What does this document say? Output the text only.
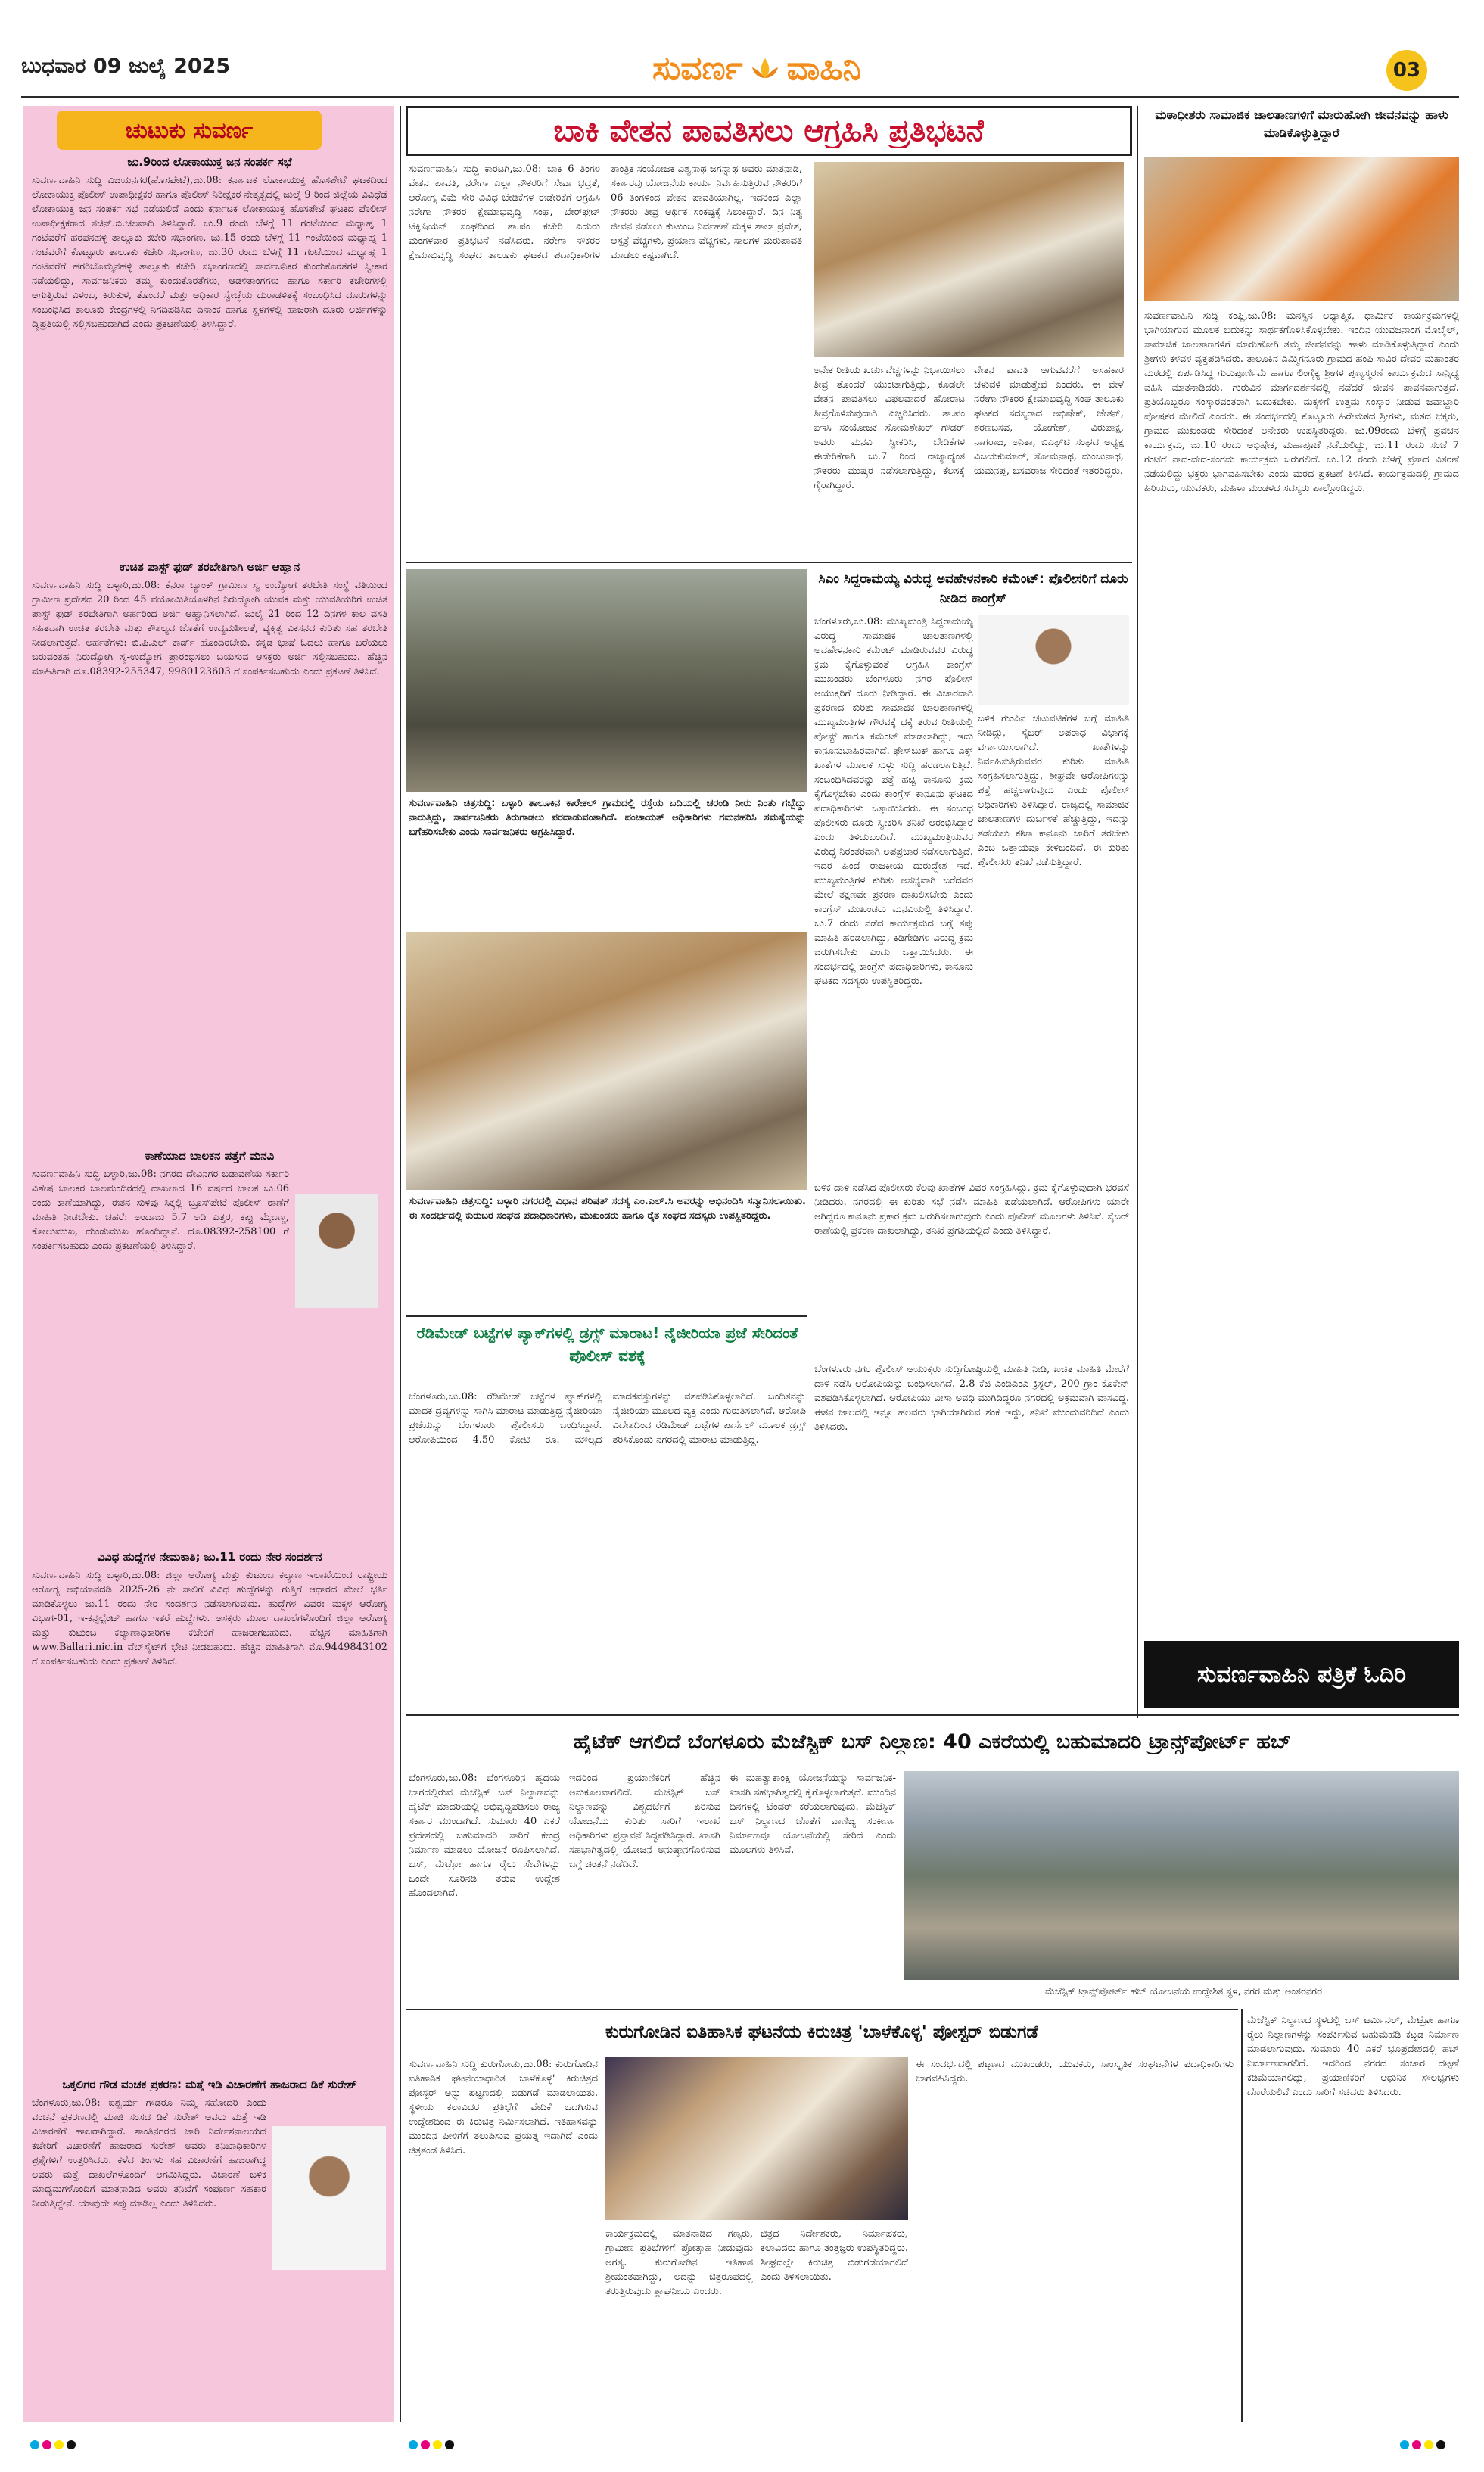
ಬುಧವಾರ 09 ಜುಲೈ 2025	ಸುವರ್ಣ ವಾಹಿನಿ	03
ಚುಟುಕು ಸುವರ್ಣ
ಜು.9ರಿಂದ ಲೋಕಾಯುಕ್ತ ಜನ ಸಂಪರ್ಕ ಸಭೆ
ಸುವರ್ಣವಾಹಿನಿ ಸುದ್ದಿ ವಿಜಯನಗರ(ಹೊಸಪೇಟೆ),ಜು.08: ಕರ್ನಾಟಕ ಲೋಕಾಯುಕ್ತ ಹೊಸಪೇಟೆ ಘಟಕದಿಂದ ಲೋಕಾಯುಕ್ತ ಪೊಲೀಸ್ ಉಪಾಧೀಕ್ಷಕರ ಹಾಗೂ ಪೊಲೀಸ್ ನಿರೀಕ್ಷಕರ ನೇತೃತ್ವದಲ್ಲಿ ಜುಲೈ 9 ರಿಂದ ಜಿಲ್ಲೆಯ ವಿವಿಧೆಡೆ ಲೋಕಾಯುಕ್ತ ಜನ ಸಂಪರ್ಕ ಸಭೆ ನಡೆಯಲಿದೆ ಎಂದು ಕರ್ನಾಟಕ ಲೋಕಾಯುಕ್ತ ಹೊಸಪೇಟೆ ಘಟಕದ ಪೊಲೀಸ್ ಉಪಾಧೀಕ್ಷಕರಾದ ಸಚಿನ್.ಬಿ.ಚಲವಾದಿ ತಿಳಿಸಿದ್ದಾರೆ. ಜು.9 ರಂದು ಬೆಳಗ್ಗೆ 11 ಗಂಟೆಯಿಂದ ಮಧ್ಯಾಹ್ನ 1 ಗಂಟೆವರೆಗೆ ಹರಪನಹಳ್ಳಿ ತಾಲ್ಲೂಕು ಕಚೇರಿ ಸಭಾಂಗಣ, ಜು.15 ರಂದು ಬೆಳಗ್ಗೆ 11 ಗಂಟೆಯಿಂದ ಮಧ್ಯಾಹ್ನ 1 ಗಂಟೆವರೆಗೆ ಕೊಟ್ಟೂರು ತಾಲೂಕು ಕಚೇರಿ ಸಭಾಂಗಣ, ಜು.30 ರಂದು ಬೆಳಗ್ಗೆ 11 ಗಂಟೆಯಿಂದ ಮಧ್ಯಾಹ್ನ 1 ಗಂಟೆವರೆಗೆ ಹಗರಿಬೊಮ್ಮನಹಳ್ಳಿ ತಾಲ್ಲೂಕು ಕಚೇರಿ ಸಭಾಂಗಣದಲ್ಲಿ ಸಾರ್ವಜನಿಕರ ಕುಂದುಕೊರತೆಗಳ ಸ್ವೀಕಾರ ನಡೆಯಲಿದ್ದು, ಸಾರ್ವಜನಿಕರು ತಮ್ಮ ಕುಂದುಕೊರತೆಗಳು, ಆಡಳಿತಾಂಗಗಳು ಹಾಗೂ ಸರ್ಕಾರಿ ಕಚೇರಿಗಳಲ್ಲಿ ಆಗುತ್ತಿರುವ ವಿಳಂಬ, ಕಿರುಕುಳ, ತೊಂದರೆ ಮತ್ತು ಅಧಿಕಾರ ಸ್ವೇಚ್ಛೆಯ ದುರಾಡಳಿತಕ್ಕೆ ಸಂಬಂಧಿಸಿದ ದೂರುಗಳನ್ನು ಸಂಬಂಧಿಸಿದ ತಾಲೂಕು ಕೇಂದ್ರಗಳಲ್ಲಿ ನಿಗದಿಪಡಿಸಿದ ದಿನಾಂಕ ಹಾಗೂ ಸ್ಥಳಗಳಲ್ಲಿ ಹಾಜರಾಗಿ ದೂರು ಅರ್ಜಿಗಳನ್ನು ದ್ವಿಪ್ರತಿಯಲ್ಲಿ ಸಲ್ಲಿಸಬಹುದಾಗಿದೆ ಎಂದು ಪ್ರಕಟಣೆಯಲ್ಲಿ ತಿಳಿಸಿದ್ದಾರೆ.
ಉಚಿತ ಪಾಸ್ಟ್ ಫುಡ್ ತರಬೇತಿಗಾಗಿ ಅರ್ಜಿ ಆಹ್ವಾನ
ಸುವರ್ಣವಾಹಿನಿ ಸುದ್ದಿ ಬಳ್ಳಾರಿ,ಜು.08: ಕೆನರಾ ಬ್ಯಾಂಕ್ ಗ್ರಾಮೀಣ ಸ್ವ ಉದ್ಯೋಗ ತರಬೇತಿ ಸಂಸ್ಥೆ ವತಿಯಿಂದ ಗ್ರಾಮೀಣ ಪ್ರದೇಶದ 20 ರಿಂದ 45 ವಯೋಮಿತಿಯೊಳಗಿನ ನಿರುದ್ಯೋಗಿ ಯುವಕ ಮತ್ತು ಯುವತಿಯರಿಗೆ ಉಚಿತ ಪಾಸ್ಟ್ ಫುಡ್ ತರಬೇತಿಗಾಗಿ ಅರ್ಹರಿಂದ ಅರ್ಜಿ ಆಹ್ವಾನಿಸಲಾಗಿದೆ. ಜುಲೈ 21 ರಿಂದ 12 ದಿನಗಳ ಕಾಲ ವಸತಿ ಸಹಿತವಾಗಿ ಉಚಿತ ತರಬೇತಿ ಮತ್ತು ಕೌಶಲ್ಯದ ಜೊತೆಗೆ ಉದ್ಯಮಶೀಲತೆ, ವ್ಯಕ್ತಿತ್ವ ವಿಕಸನದ ಕುರಿತು ಸಹ ತರಬೇತಿ ನೀಡಲಾಗುತ್ತದೆ. ಅರ್ಹತೆಗಳು: ಬಿ.ಪಿ.ಎಲ್ ಕಾರ್ಡ್ ಹೊಂದಿರಬೇಕು. ಕನ್ನಡ ಭಾಷೆ ಓದಲು ಹಾಗೂ ಬರೆಯಲು ಬರುವಂತಹ ನಿರುದ್ಯೋಗಿ ಸ್ವ-ಉದ್ಯೋಗ ಪ್ರಾರಂಭಿಸಲು ಬಯಸುವ ಆಸಕ್ತರು ಅರ್ಜಿ ಸಲ್ಲಿಸಬಹುದು. ಹೆಚ್ಚಿನ ಮಾಹಿತಿಗಾಗಿ ದೂ.08392-255347, 9980123603 ಗೆ ಸಂಪರ್ಕಿಸಬಹುದು ಎಂದು ಪ್ರಕಟಣೆ ತಿಳಿಸಿದೆ.
ಕಾಣೆಯಾದ ಬಾಲಕನ ಪತ್ತೆಗೆ ಮನವಿ
ಸುವರ್ಣವಾಹಿನಿ ಸುದ್ದಿ ಬಳ್ಳಾರಿ,ಜು.08: ನಗರದ ದೇವಿನಗರ ಬಡಾವಣೆಯ ಸರ್ಕಾರಿ ವಿಶೇಷ ಬಾಲಕರ ಬಾಲಮಂದಿರದಲ್ಲಿ ದಾಖಲಾದ 16 ವರ್ಷದ ಬಾಲಕ ಜು.06 ರಂದು ಕಾಣೆಯಾಗಿದ್ದು, ಈತನ ಸುಳಿವು ಸಿಕ್ಕಲ್ಲಿ ಬ್ರೂಸ್‌ಪೇಟೆ ಪೊಲೀಸ್ ಠಾಣೆಗೆ ಮಾಹಿತಿ ನೀಡಬೇಕು. ಚಹರೆ: ಅಂದಾಜು 5.7 ಅಡಿ ಎತ್ತರ, ಕಪ್ಪು ಮೈಬಣ್ಣ, ಕೋಲುಮುಖ, ದುಂಡುಮುಖ ಹೊಂದಿದ್ದಾನೆ. ದೂ.08392-258100 ಗೆ ಸಂಪರ್ಕಿಸಬಹುದು ಎಂದು ಪ್ರಕಟಣೆಯಲ್ಲಿ ತಿಳಿಸಿದ್ದಾರೆ.
ವಿವಿಧ ಹುದ್ದೆಗಳ ನೇಮಕಾತಿ; ಜು.11 ರಂದು ನೇರ ಸಂದರ್ಶನ
ಸುವರ್ಣವಾಹಿನಿ ಸುದ್ದಿ ಬಳ್ಳಾರಿ,ಜು.08: ಜಿಲ್ಲಾ ಆರೋಗ್ಯ ಮತ್ತು ಕುಟುಂಬ ಕಲ್ಯಾಣ ಇಲಾಖೆಯಿಂದ ರಾಷ್ಟ್ರೀಯ ಆರೋಗ್ಯ ಅಭಿಯಾನದಡಿ 2025-26 ನೇ ಸಾಲಿಗೆ ವಿವಿಧ ಹುದ್ದೆಗಳನ್ನು ಗುತ್ತಿಗೆ ಆಧಾರದ ಮೇಲೆ ಭರ್ತಿ ಮಾಡಿಕೊಳ್ಳಲು ಜು.11 ರಂದು ನೇರ ಸಂದರ್ಶನ ನಡೆಸಲಾಗುವುದು. ಹುದ್ದೆಗಳ ವಿವರ: ಮಕ್ಕಳ ಆರೋಗ್ಯ ವಿಭಾಗ-01, ಇ-ಕನ್ಸಲ್ಟೆಂಟ್ ಹಾಗೂ ಇತರೆ ಹುದ್ದೆಗಳು. ಆಸಕ್ತರು ಮೂಲ ದಾಖಲೆಗಳೊಂದಿಗೆ ಜಿಲ್ಲಾ ಆರೋಗ್ಯ ಮತ್ತು ಕುಟುಂಬ ಕಲ್ಯಾಣಾಧಿಕಾರಿಗಳ ಕಚೇರಿಗೆ ಹಾಜರಾಗಬಹುದು. ಹೆಚ್ಚಿನ ಮಾಹಿತಿಗಾಗಿ www.Ballari.nic.in ವೆಬ್‌ಸೈಟ್‌ಗೆ ಭೇಟಿ ನೀಡಬಹುದು. ಹೆಚ್ಚಿನ ಮಾಹಿತಿಗಾಗಿ ಮೊ.9449843102 ಗೆ ಸಂಪರ್ಕಿಸಬಹುದು ಎಂದು ಪ್ರಕಟಣೆ ತಿಳಿಸಿದೆ.
ಒಕ್ಕಲಿಗರ ಗೌಡ ವಂಚಕ ಪ್ರಕರಣ: ಮತ್ತೆ ಇಡಿ ವಿಚಾರಣೆಗೆ ಹಾಜರಾದ ಡಿಕೆ ಸುರೇಶ್
ಬೆಂಗಳೂರು,ಜು.08: ಐಶ್ವರ್ಯ ಗೌಡರೂ ನಿಮ್ಮ ಸಹೋದರಿ ಎಂದು ವಂಚನೆ ಪ್ರಕರಣದಲ್ಲಿ ಮಾಜಿ ಸಂಸದ ಡಿಕೆ ಸುರೇಶ್ ಅವರು ಮತ್ತೆ ಇಡಿ ವಿಚಾರಣೆಗೆ ಹಾಜರಾಗಿದ್ದಾರೆ. ಶಾಂತಿನಗರದ ಜಾರಿ ನಿರ್ದೇಶನಾಲಯದ ಕಚೇರಿಗೆ ವಿಚಾರಣೆಗೆ ಹಾಜರಾದ ಸುರೇಶ್ ಅವರು ತನಿಖಾಧಿಕಾರಿಗಳ ಪ್ರಶ್ನೆಗಳಿಗೆ ಉತ್ತರಿಸಿದರು. ಕಳೆದ ತಿಂಗಳು ಸಹ ವಿಚಾರಣೆಗೆ ಹಾಜರಾಗಿದ್ದ ಅವರು ಮತ್ತೆ ದಾಖಲೆಗಳೊಂದಿಗೆ ಆಗಮಿಸಿದ್ದರು. ವಿಚಾರಣೆ ಬಳಿಕ ಮಾಧ್ಯಮಗಳೊಂದಿಗೆ ಮಾತನಾಡಿದ ಅವರು ತನಿಖೆಗೆ ಸಂಪೂರ್ಣ ಸಹಕಾರ ನೀಡುತ್ತಿದ್ದೇನೆ. ಯಾವುದೇ ತಪ್ಪು ಮಾಡಿಲ್ಲ ಎಂದು ತಿಳಿಸಿದರು.
ಬಾಕಿ ವೇತನ ಪಾವತಿಸಲು ಆಗ್ರಹಿಸಿ ಪ್ರತಿಭಟನೆ
ಸುವರ್ಣವಾಹಿನಿ ಸುದ್ದಿ ಕಾರಟಗಿ,ಜು.08: ಬಾಕಿ 6 ತಿಂಗಳ ವೇತನ ಪಾವತಿ, ನರೇಗಾ ಎಲ್ಲಾ ನೌಕರರಿಗೆ ಸೇವಾ ಭದ್ರತೆ, ಆರೋಗ್ಯ ವಿಮೆ ಸೇರಿ ವಿವಿಧ ಬೇಡಿಕೆಗಳ ಈಡೇರಿಕೆಗೆ ಆಗ್ರಹಿಸಿ ನರೇಗಾ ನೌಕರರ ಕ್ಷೇಮಾಭಿವೃದ್ಧಿ ಸಂಘ, ಬೇರ್‌ಫುಟ್ ಟೆಕ್ನಿಷಿಯನ್ ಸಂಘದಿಂದ ತಾ.ಪಂ ಕಚೇರಿ ಎದುರು ಮಂಗಳವಾರ ಪ್ರತಿಭಟನೆ ನಡೆಸಿದರು. ನರೇಗಾ ನೌಕರರ ಕ್ಷೇಮಾಭಿವೃದ್ಧಿ ಸಂಘದ ತಾಲೂಕು ಘಟಕದ ಪದಾಧಿಕಾರಿಗಳ ತಾಂತ್ರಿಕ ಸಂಯೋಜಕ ವಿಶ್ವನಾಥ ಜಗನ್ನಾಥ ಅವರು ಮಾತನಾಡಿ, ಸರ್ಕಾರವು ಯೋಜನೆಯ ಕಾರ್ಯ ನಿರ್ವಹಿಸುತ್ತಿರುವ ನೌಕರರಿಗೆ 06 ತಿಂಗಳಿಂದ ವೇತನ ಪಾವತಿಯಾಗಿಲ್ಲ. ಇದರಿಂದ ಎಲ್ಲಾ ನೌಕರರು ತೀವ್ರ ಆರ್ಥಿಕ ಸಂಕಷ್ಟಕ್ಕೆ ಸಿಲುಕಿದ್ದಾರೆ. ದಿನ ನಿತ್ಯ ಜೀವನ ನಡೆಸಲು ಕುಟುಂಬ ನಿರ್ವಹಣೆ ಮಕ್ಕಳ ಶಾಲಾ ಪ್ರವೇಶ, ಆಸ್ಪತ್ರೆ ವೆಚ್ಚಗಳು, ಪ್ರಯಾಣ ವೆಚ್ಚಗಳು, ಸಾಲಗಳ ಮರುಪಾವತಿ ಮಾಡಲು ಕಷ್ಟವಾಗಿದೆ.
ಅನೇಕ ರೀತಿಯ ಖರ್ಚುವೆಚ್ಚಗಳನ್ನು ನಿಭಾಯಿಸಲು ತೀವ್ರ ತೊಂದರೆ ಯುಂಟಾಗುತ್ತಿದ್ದು, ಕೂಡಲೇ ವೇತನ ಪಾವತಿಸಲು ವಿಫಲವಾದರೆ ಹೋರಾಟ ತೀವ್ರಗೊಳಿಸುವುದಾಗಿ ಎಚ್ಚರಿಸಿದರು. ತಾ.ಪಂ ಐಇಸಿ ಸಂಯೋಜಕ ಸೋಮಶೇಖರ್ ಗೌಡರ್ ಅವರು ಮನವಿ ಸ್ವೀಕರಿಸಿ, ಬೇಡಿಕೆಗಳ ಈಡೇರಿಕೆಗಾಗಿ ಜು.7 ರಿಂದ ರಾಜ್ಯಾದ್ಯಂತ ನೌಕರರು ಮುಷ್ಕರ ನಡೆಸಲಾಗುತ್ತಿದ್ದು, ಕೆಲಸಕ್ಕೆ ಗೈರಾಗಿದ್ದಾರೆ.
ವೇತನ ಪಾವತಿ ಆಗುವವರೆಗೆ ಅಸಹಕಾರ ಚಳುವಳಿ ಮಾಡುತ್ತೇವೆ ಎಂದರು. ಈ ವೇಳೆ ನರೇಗಾ ನೌಕರರ ಕ್ಷೇಮಾಭಿವೃದ್ಧಿ ಸಂಘ ತಾಲೂಕು ಘಟಕದ ಸದಸ್ಯರಾದ ಅಭಿಷೇಕ್, ಚೇತನ್, ಶರಣಬಸವ, ಯೋಗೇಶ್, ವಿರುಪಾಕ್ಷ, ನಾಗರಾಜ, ಅನಿತಾ, ಬಿಎಫ್‌ಟಿ ಸಂಘದ ಅಧ್ಯಕ್ಷ ವಿಜಯಕುಮಾರ್, ಸೋಮನಾಥ, ಮಂಜುನಾಥ, ಯಮನಪ್ಪ, ಬಸವರಾಜ ಸೇರಿದಂತೆ ಇತರರಿದ್ದರು.
ಸುವರ್ಣವಾಹಿನಿ ಚಿತ್ರಸುದ್ದಿ: ಬಳ್ಳಾರಿ ತಾಲೂಕಿನ ಕಾರೇಕಲ್ ಗ್ರಾಮದಲ್ಲಿ ರಸ್ತೆಯ ಬದಿಯಲ್ಲಿ ಚರಂಡಿ ನೀರು ನಿಂತು ಗಬ್ಬೆದ್ದು ನಾರುತ್ತಿದ್ದು, ಸಾರ್ವಜನಿಕರು ತಿರುಗಾಡಲು ಪರದಾಡುವಂತಾಗಿದೆ. ಪಂಚಾಯತ್ ಅಧಿಕಾರಿಗಳು ಗಮನಹರಿಸಿ ಸಮಸ್ಯೆಯನ್ನು ಬಗೆಹರಿಸಬೇಕು ಎಂದು ಸಾರ್ವಜನಿಕರು ಆಗ್ರಹಿಸಿದ್ದಾರೆ.
ಸುವರ್ಣವಾಹಿನಿ ಚಿತ್ರಸುದ್ದಿ: ಬಳ್ಳಾರಿ ನಗರದಲ್ಲಿ ವಿಧಾನ ಪರಿಷತ್ ಸದಸ್ಯ ಎಂ.ಎಲ್.ಸಿ ಅವರನ್ನು ಅಭಿನಂದಿಸಿ ಸನ್ಮಾನಿಸಲಾಯಿತು. ಈ ಸಂದರ್ಭದಲ್ಲಿ ಕುರುಬರ ಸಂಘದ ಪದಾಧಿಕಾರಿಗಳು, ಮುಖಂಡರು ಹಾಗೂ ರೈತ ಸಂಘದ ಸದಸ್ಯರು ಉಪಸ್ಥಿತರಿದ್ದರು.
ಸಿಎಂ ಸಿದ್ದರಾಮಯ್ಯ ವಿರುದ್ಧ ಅವಹೇಳನಕಾರಿ ಕಮೆಂಟ್: ಪೊಲೀಸರಿಗೆ ದೂರು ನೀಡಿದ ಕಾಂಗ್ರೆಸ್
ಬೆಂಗಳೂರು,ಜು.08: ಮುಖ್ಯಮಂತ್ರಿ ಸಿದ್ದರಾಮಯ್ಯ ವಿರುದ್ಧ ಸಾಮಾಜಿಕ ಜಾಲತಾಣಗಳಲ್ಲಿ ಅವಹೇಳನಕಾರಿ ಕಮೆಂಟ್ ಮಾಡಿರುವವರ ವಿರುದ್ಧ ಕ್ರಮ ಕೈಗೊಳ್ಳುವಂತೆ ಆಗ್ರಹಿಸಿ ಕಾಂಗ್ರೆಸ್ ಮುಖಂಡರು ಬೆಂಗಳೂರು ನಗರ ಪೊಲೀಸ್ ಆಯುಕ್ತರಿಗೆ ದೂರು ನೀಡಿದ್ದಾರೆ. ಈ ವಿಚಾರವಾಗಿ ಪ್ರಕರಣದ ಕುರಿತು ಸಾಮಾಜಿಕ ಜಾಲತಾಣಗಳಲ್ಲಿ ಮುಖ್ಯಮಂತ್ರಿಗಳ ಗೌರವಕ್ಕೆ ಧಕ್ಕೆ ತರುವ ರೀತಿಯಲ್ಲಿ ಪೋಸ್ಟ್ ಹಾಗೂ ಕಮೆಂಟ್ ಮಾಡಲಾಗಿದ್ದು, ಇದು ಕಾನೂನುಬಾಹಿರವಾಗಿದೆ. ಫೇಸ್‌ಬುಕ್ ಹಾಗೂ ಎಕ್ಸ್ ಖಾತೆಗಳ ಮೂಲಕ ಸುಳ್ಳು ಸುದ್ದಿ ಹರಡಲಾಗುತ್ತಿದೆ. ಸಂಬಂಧಿಸಿದವರನ್ನು ಪತ್ತೆ ಹಚ್ಚಿ ಕಾನೂನು ಕ್ರಮ ಕೈಗೊಳ್ಳಬೇಕು ಎಂದು ಕಾಂಗ್ರೆಸ್ ಕಾನೂನು ಘಟಕದ ಪದಾಧಿಕಾರಿಗಳು ಒತ್ತಾಯಿಸಿದರು. ಈ ಸಂಬಂಧ ಪೊಲೀಸರು ದೂರು ಸ್ವೀಕರಿಸಿ ತನಿಖೆ ಆರಂಭಿಸಿದ್ದಾರೆ ಎಂದು ತಿಳಿದುಬಂದಿದೆ. ಮುಖ್ಯಮಂತ್ರಿಯವರ ವಿರುದ್ಧ ನಿರಂತರವಾಗಿ ಅಪಪ್ರಚಾರ ನಡೆಸಲಾಗುತ್ತಿದೆ. ಇದರ ಹಿಂದೆ ರಾಜಕೀಯ ದುರುದ್ದೇಶ ಇದೆ. ಮುಖ್ಯಮಂತ್ರಿಗಳ ಕುರಿತು ಅಸಭ್ಯವಾಗಿ ಬರೆದವರ ಮೇಲೆ ತಕ್ಷಣವೇ ಪ್ರಕರಣ ದಾಖಲಿಸಬೇಕು ಎಂದು ಕಾಂಗ್ರೆಸ್ ಮುಖಂಡರು ಮನವಿಯಲ್ಲಿ ತಿಳಿಸಿದ್ದಾರೆ. ಜು.7 ರಂದು ನಡೆದ ಕಾರ್ಯಕ್ರಮದ ಬಗ್ಗೆ ತಪ್ಪು ಮಾಹಿತಿ ಹರಡಲಾಗಿದ್ದು, ಕಿಡಿಗೇಡಿಗಳ ವಿರುದ್ಧ ಕ್ರಮ ಜರುಗಿಸಬೇಕು ಎಂದು ಒತ್ತಾಯಿಸಿದರು. ಈ ಸಂದರ್ಭದಲ್ಲಿ ಕಾಂಗ್ರೆಸ್ ಪದಾಧಿಕಾರಿಗಳು, ಕಾನೂನು ಘಟಕದ ಸದಸ್ಯರು ಉಪಸ್ಥಿತರಿದ್ದರು.
ಬಳಿಕ ಗುಂಪಿನ ಚಟುವಟಿಕೆಗಳ ಬಗ್ಗೆ ಮಾಹಿತಿ ನೀಡಿದ್ದು, ಸೈಬರ್ ಅಪರಾಧ ವಿಭಾಗಕ್ಕೆ ವರ್ಗಾಯಿಸಲಾಗಿದೆ. ಖಾತೆಗಳನ್ನು ನಿರ್ವಹಿಸುತ್ತಿರುವವರ ಕುರಿತು ಮಾಹಿತಿ ಸಂಗ್ರಹಿಸಲಾಗುತ್ತಿದ್ದು, ಶೀಘ್ರವೇ ಆರೋಪಿಗಳನ್ನು ಪತ್ತೆ ಹಚ್ಚಲಾಗುವುದು ಎಂದು ಪೊಲೀಸ್ ಅಧಿಕಾರಿಗಳು ತಿಳಿಸಿದ್ದಾರೆ. ರಾಜ್ಯದಲ್ಲಿ ಸಾಮಾಜಿಕ ಜಾಲತಾಣಗಳ ದುರ್ಬಳಕೆ ಹೆಚ್ಚುತ್ತಿದ್ದು, ಇದನ್ನು ತಡೆಯಲು ಕಠಿಣ ಕಾನೂನು ಜಾರಿಗೆ ತರಬೇಕು ಎಂಬ ಒತ್ತಾಯವೂ ಕೇಳಿಬಂದಿದೆ. ಈ ಕುರಿತು ಪೊಲೀಸರು ತನಿಖೆ ನಡೆಸುತ್ತಿದ್ದಾರೆ.
ಬಳಿಕ ದಾಳಿ ನಡೆಸಿದ ಪೊಲೀಸರು ಕೆಲವು ಖಾತೆಗಳ ವಿವರ ಸಂಗ್ರಹಿಸಿದ್ದು, ಕ್ರಮ ಕೈಗೊಳ್ಳುವುದಾಗಿ ಭರವಸೆ ನೀಡಿದರು. ನಗರದಲ್ಲಿ ಈ ಕುರಿತು ಸಭೆ ನಡೆಸಿ ಮಾಹಿತಿ ಪಡೆಯಲಾಗಿದೆ. ಆರೋಪಿಗಳು ಯಾರೇ ಆಗಿದ್ದರೂ ಕಾನೂನು ಪ್ರಕಾರ ಕ್ರಮ ಜರುಗಿಸಲಾಗುವುದು ಎಂದು ಪೊಲೀಸ್ ಮೂಲಗಳು ತಿಳಿಸಿವೆ. ಸೈಬರ್ ಠಾಣೆಯಲ್ಲಿ ಪ್ರಕರಣ ದಾಖಲಾಗಿದ್ದು, ತನಿಖೆ ಪ್ರಗತಿಯಲ್ಲಿದೆ ಎಂದು ತಿಳಿಸಿದ್ದಾರೆ.
ರೆಡಿಮೇಡ್ ಬಟ್ಟೆಗಳ ಪ್ಯಾಕ್‌ಗಳಲ್ಲಿ ಡ್ರಗ್ಸ್ ಮಾರಾಟ! ನೈಜೀರಿಯಾ ಪ್ರಜೆ ಸೇರಿದಂತೆ ಪೊಲೀಸ್ ವಶಕ್ಕೆ
ಬೆಂಗಳೂರು,ಜು.08: ರೆಡಿಮೇಡ್ ಬಟ್ಟೆಗಳ ಪ್ಯಾಕ್‌ಗಳಲ್ಲಿ ಮಾದಕ ದ್ರವ್ಯಗಳನ್ನು ಸಾಗಿಸಿ ಮಾರಾಟ ಮಾಡುತ್ತಿದ್ದ ನೈಜೀರಿಯಾ ಪ್ರಜೆಯನ್ನು ಬೆಂಗಳೂರು ಪೊಲೀಸರು ಬಂಧಿಸಿದ್ದಾರೆ. ಆರೋಪಿಯಿಂದ 4.50 ಕೋಟಿ ರೂ. ಮೌಲ್ಯದ ಮಾದಕವಸ್ತುಗಳನ್ನು ವಶಪಡಿಸಿಕೊಳ್ಳಲಾಗಿದೆ. ಬಂಧಿತನನ್ನು ನೈಜೀರಿಯಾ ಮೂಲದ ವ್ಯಕ್ತಿ ಎಂದು ಗುರುತಿಸಲಾಗಿದೆ. ಆರೋಪಿ ವಿದೇಶದಿಂದ ರೆಡಿಮೇಡ್ ಬಟ್ಟೆಗಳ ಪಾರ್ಸೆಲ್ ಮೂಲಕ ಡ್ರಗ್ಸ್ ತರಿಸಿಕೊಂಡು ನಗರದಲ್ಲಿ ಮಾರಾಟ ಮಾಡುತ್ತಿದ್ದ.
ಬೆಂಗಳೂರು ನಗರ ಪೊಲೀಸ್ ಆಯುಕ್ತರು ಸುದ್ದಿಗೋಷ್ಠಿಯಲ್ಲಿ ಮಾಹಿತಿ ನೀಡಿ, ಖಚಿತ ಮಾಹಿತಿ ಮೇರೆಗೆ ದಾಳಿ ನಡೆಸಿ ಆರೋಪಿಯನ್ನು ಬಂಧಿಸಲಾಗಿದೆ. 2.8 ಕೆಜಿ ಎಂಡಿಎಂಎ ಕ್ರಿಸ್ಟಲ್, 200 ಗ್ರಾಂ ಕೊಕೇನ್ ವಶಪಡಿಸಿಕೊಳ್ಳಲಾಗಿದೆ. ಆರೋಪಿಯು ವೀಸಾ ಅವಧಿ ಮುಗಿದಿದ್ದರೂ ನಗರದಲ್ಲಿ ಅಕ್ರಮವಾಗಿ ವಾಸವಿದ್ದ. ಈತನ ಜಾಲದಲ್ಲಿ ಇನ್ನೂ ಹಲವರು ಭಾಗಿಯಾಗಿರುವ ಶಂಕೆ ಇದ್ದು, ತನಿಖೆ ಮುಂದುವರಿದಿದೆ ಎಂದು ತಿಳಿಸಿದರು.
ಮಠಾಧೀಶರು ಸಾಮಾಜಿಕ ಜಾಲತಾಣಗಳಿಗೆ ಮಾರುಹೋಗಿ ಜೀವನವನ್ನು ಹಾಳು ಮಾಡಿಕೊಳ್ಳುತ್ತಿದ್ದಾರೆ
ಸುವರ್ಣವಾಹಿನಿ ಸುದ್ದಿ ಕಂಪ್ಲಿ,ಜು.08: ಮನಸ್ಸಿನ ಅಧ್ಯಾತ್ಮಿಕ, ಧಾರ್ಮಿಕ ಕಾರ್ಯಕ್ರಮಗಳಲ್ಲಿ ಭಾಗಿಯಾಗುವ ಮೂಲಕ ಬದುಕನ್ನು ಸಾರ್ಥಕಗೊಳಿಸಿಕೊಳ್ಳಬೇಕು. ಇಂದಿನ ಯುವಜನಾಂಗ ಮೊಬೈಲ್, ಸಾಮಾಜಿಕ ಜಾಲತಾಣಗಳಿಗೆ ಮಾರುಹೋಗಿ ತಮ್ಮ ಜೀವನವನ್ನು ಹಾಳು ಮಾಡಿಕೊಳ್ಳುತ್ತಿದ್ದಾರೆ ಎಂದು ಶ್ರೀಗಳು ಕಳವಳ ವ್ಯಕ್ತಪಡಿಸಿದರು. ತಾಲೂಕಿನ ಎಮ್ಮಿಗನೂರು ಗ್ರಾಮದ ಹಂಪಿ ಸಾವಿರ ದೇವರ ಮಹಾಂತರ ಮಠದಲ್ಲಿ ಏರ್ಪಡಿಸಿದ್ದ ಗುರುಪೂರ್ಣಿಮೆ ಹಾಗೂ ಲಿಂಗೈಕ್ಯ ಶ್ರೀಗಳ ಪುಣ್ಯಸ್ಮರಣೆ ಕಾರ್ಯಕ್ರಮದ ಸಾನ್ನಿಧ್ಯ ವಹಿಸಿ ಮಾತನಾಡಿದರು. ಗುರುವಿನ ಮಾರ್ಗದರ್ಶನದಲ್ಲಿ ನಡೆದರೆ ಜೀವನ ಪಾವನವಾಗುತ್ತದೆ. ಪ್ರತಿಯೊಬ್ಬರೂ ಸಂಸ್ಕಾರವಂತರಾಗಿ ಬದುಕಬೇಕು. ಮಕ್ಕಳಿಗೆ ಉತ್ತಮ ಸಂಸ್ಕಾರ ನೀಡುವ ಜವಾಬ್ದಾರಿ ಪೋಷಕರ ಮೇಲಿದೆ ಎಂದರು. ಈ ಸಂದರ್ಭದಲ್ಲಿ ಕೊಟ್ಟೂರು ಹಿರೇಮಠದ ಶ್ರೀಗಳು, ಮಠದ ಭಕ್ತರು, ಗ್ರಾಮದ ಮುಖಂಡರು ಸೇರಿದಂತೆ ಅನೇಕರು ಉಪಸ್ಥಿತರಿದ್ದರು. ಜು.09ರಂದು ಬೆಳಗ್ಗೆ ಪ್ರವಚನ ಕಾರ್ಯಕ್ರಮ, ಜು.10 ರಂದು ಅಭಿಷೇಕ, ಮಹಾಪೂಜೆ ನಡೆಯಲಿದ್ದು, ಜು.11 ರಂದು ಸಂಜೆ 7 ಗಂಟೆಗೆ ನಾದ-ವೇದ-ಸಂಗಮ ಕಾರ್ಯಕ್ರಮ ಜರುಗಲಿದೆ. ಜು.12 ರಂದು ಬೆಳಗ್ಗೆ ಪ್ರಸಾದ ವಿತರಣೆ ನಡೆಯಲಿದ್ದು ಭಕ್ತರು ಭಾಗವಹಿಸಬೇಕು ಎಂದು ಮಠದ ಪ್ರಕಟಣೆ ತಿಳಿಸಿದೆ. ಕಾರ್ಯಕ್ರಮದಲ್ಲಿ ಗ್ರಾಮದ ಹಿರಿಯರು, ಯುವಕರು, ಮಹಿಳಾ ಮಂಡಳದ ಸದಸ್ಯರು ಪಾಲ್ಗೊಂಡಿದ್ದರು.
ಸುವರ್ಣವಾಹಿನಿ ಪತ್ರಿಕೆ ಓದಿರಿ
ಹೈಟೆಕ್ ಆಗಲಿದೆ ಬೆಂಗಳೂರು ಮೆಜೆಸ್ಟಿಕ್ ಬಸ್ ನಿಲ್ದಾಣ: 40 ಎಕರೆಯಲ್ಲಿ ಬಹುಮಾದರಿ ಟ್ರಾನ್ಸ್‌ಪೋರ್ಟ್ ಹಬ್
ಬೆಂಗಳೂರು,ಜು.08: ಬೆಂಗಳೂರಿನ ಹೃದಯ ಭಾಗದಲ್ಲಿರುವ ಮೆಜೆಸ್ಟಿಕ್ ಬಸ್ ನಿಲ್ದಾಣವನ್ನು ಹೈಟೆಕ್ ಮಾದರಿಯಲ್ಲಿ ಅಭಿವೃದ್ಧಿಪಡಿಸಲು ರಾಜ್ಯ ಸರ್ಕಾರ ಮುಂದಾಗಿದೆ. ಸುಮಾರು 40 ಎಕರೆ ಪ್ರದೇಶದಲ್ಲಿ ಬಹುಮಾದರಿ ಸಾರಿಗೆ ಕೇಂದ್ರ ನಿರ್ಮಾಣ ಮಾಡಲು ಯೋಜನೆ ರೂಪಿಸಲಾಗಿದೆ. ಬಸ್, ಮೆಟ್ರೋ ಹಾಗೂ ರೈಲು ಸೇವೆಗಳನ್ನು ಒಂದೇ ಸೂರಿನಡಿ ತರುವ ಉದ್ದೇಶ ಹೊಂದಲಾಗಿದೆ.
ಇದರಿಂದ ಪ್ರಯಾಣಿಕರಿಗೆ ಹೆಚ್ಚಿನ ಅನುಕೂಲವಾಗಲಿದೆ. ಮೆಜೆಸ್ಟಿಕ್ ಬಸ್ ನಿಲ್ದಾಣವನ್ನು ವಿಶ್ವದರ್ಜೆಗೆ ಏರಿಸುವ ಯೋಜನೆಯ ಕುರಿತು ಸಾರಿಗೆ ಇಲಾಖೆ ಅಧಿಕಾರಿಗಳು ಪ್ರಸ್ತಾವನೆ ಸಿದ್ಧಪಡಿಸಿದ್ದಾರೆ. ಖಾಸಗಿ ಸಹಭಾಗಿತ್ವದಲ್ಲಿ ಯೋಜನೆ ಅನುಷ್ಠಾನಗೊಳಿಸುವ ಬಗ್ಗೆ ಚಿಂತನೆ ನಡೆದಿದೆ.
ಈ ಮಹತ್ವಾಕಾಂಕ್ಷಿ ಯೋಜನೆಯನ್ನು ಸಾರ್ವಜನಿಕ-ಖಾಸಗಿ ಸಹಭಾಗಿತ್ವದಲ್ಲಿ ಕೈಗೊಳ್ಳಲಾಗುತ್ತದೆ. ಮುಂದಿನ ದಿನಗಳಲ್ಲಿ ಟೆಂಡರ್ ಕರೆಯಲಾಗುವುದು. ಮೆಜೆಸ್ಟಿಕ್ ಬಸ್ ನಿಲ್ದಾಣದ ಜೊತೆಗೆ ವಾಣಿಜ್ಯ ಸಂಕೀರ್ಣ ನಿರ್ಮಾಣವೂ ಯೋಜನೆಯಲ್ಲಿ ಸೇರಿದೆ ಎಂದು ಮೂಲಗಳು ತಿಳಿಸಿವೆ.
ಮೆಜೆಸ್ಟಿಕ್ ಟ್ರಾನ್ಸ್‌ಪೋರ್ಟ್ ಹಬ್ ಯೋಜನೆಯ ಉದ್ದೇಶಿತ ಸ್ಥಳ, ನಗರ ಮತ್ತು ಅಂತರನಗರ
ಕುರುಗೋಡಿನ ಐತಿಹಾಸಿಕ ಘಟನೆಯ ಕಿರುಚಿತ್ರ 'ಬಾಳೆಕೊಳ್ಳ' ಪೋಸ್ಟರ್ ಬಿಡುಗಡೆ
ಸುವರ್ಣವಾಹಿನಿ ಸುದ್ದಿ ಕುರುಗೋಡು,ಜು.08: ಕುರುಗೋಡಿನ ಐತಿಹಾಸಿಕ ಘಟನೆಯಾಧಾರಿತ 'ಬಾಳೆಕೊಳ್ಳ' ಕಿರುಚಿತ್ರದ ಪೋಸ್ಟರ್ ಅನ್ನು ಪಟ್ಟಣದಲ್ಲಿ ಬಿಡುಗಡೆ ಮಾಡಲಾಯಿತು. ಸ್ಥಳೀಯ ಕಲಾವಿದರ ಪ್ರತಿಭೆಗೆ ವೇದಿಕೆ ಒದಗಿಸುವ ಉದ್ದೇಶದಿಂದ ಈ ಕಿರುಚಿತ್ರ ನಿರ್ಮಿಸಲಾಗಿದೆ. ಇತಿಹಾಸವನ್ನು ಮುಂದಿನ ಪೀಳಿಗೆಗೆ ತಲುಪಿಸುವ ಪ್ರಯತ್ನ ಇದಾಗಿದೆ ಎಂದು ಚಿತ್ರತಂಡ ತಿಳಿಸಿದೆ.
ಕಾರ್ಯಕ್ರಮದಲ್ಲಿ ಮಾತನಾಡಿದ ಗಣ್ಯರು, ಗ್ರಾಮೀಣ ಪ್ರತಿಭೆಗಳಿಗೆ ಪ್ರೋತ್ಸಾಹ ನೀಡುವುದು ಅಗತ್ಯ. ಕುರುಗೋಡಿನ ಇತಿಹಾಸ ಶ್ರೀಮಂತವಾಗಿದ್ದು, ಅದನ್ನು ಚಿತ್ರರೂಪದಲ್ಲಿ ತರುತ್ತಿರುವುದು ಶ್ಲಾಘನೀಯ ಎಂದರು.
ಚಿತ್ರದ ನಿರ್ದೇಶಕರು, ನಿರ್ಮಾಪಕರು, ಕಲಾವಿದರು ಹಾಗೂ ತಂತ್ರಜ್ಞರು ಉಪಸ್ಥಿತರಿದ್ದರು. ಶೀಘ್ರದಲ್ಲೇ ಕಿರುಚಿತ್ರ ಬಿಡುಗಡೆಯಾಗಲಿದೆ ಎಂದು ತಿಳಿಸಲಾಯಿತು.
ಈ ಸಂದರ್ಭದಲ್ಲಿ ಪಟ್ಟಣದ ಮುಖಂಡರು, ಯುವಕರು, ಸಾಂಸ್ಕೃತಿಕ ಸಂಘಟನೆಗಳ ಪದಾಧಿಕಾರಿಗಳು ಭಾಗವಹಿಸಿದ್ದರು.
ಮೆಜೆಸ್ಟಿಕ್ ನಿಲ್ದಾಣದ ಸ್ಥಳದಲ್ಲಿ ಬಸ್ ಟರ್ಮಿನಲ್, ಮೆಟ್ರೋ ಹಾಗೂ ರೈಲು ನಿಲ್ದಾಣಗಳನ್ನು ಸಂಪರ್ಕಿಸುವ ಬಹುಮಹಡಿ ಕಟ್ಟಡ ನಿರ್ಮಾಣ ಮಾಡಲಾಗುವುದು. ಸುಮಾರು 40 ಎಕರೆ ಭೂಪ್ರದೇಶದಲ್ಲಿ ಹಬ್ ನಿರ್ಮಾಣವಾಗಲಿದೆ. ಇದರಿಂದ ನಗರದ ಸಂಚಾರ ದಟ್ಟಣೆ ಕಡಿಮೆಯಾಗಲಿದ್ದು, ಪ್ರಯಾಣಿಕರಿಗೆ ಆಧುನಿಕ ಸೌಲಭ್ಯಗಳು ದೊರೆಯಲಿವೆ ಎಂದು ಸಾರಿಗೆ ಸಚಿವರು ತಿಳಿಸಿದರು.
